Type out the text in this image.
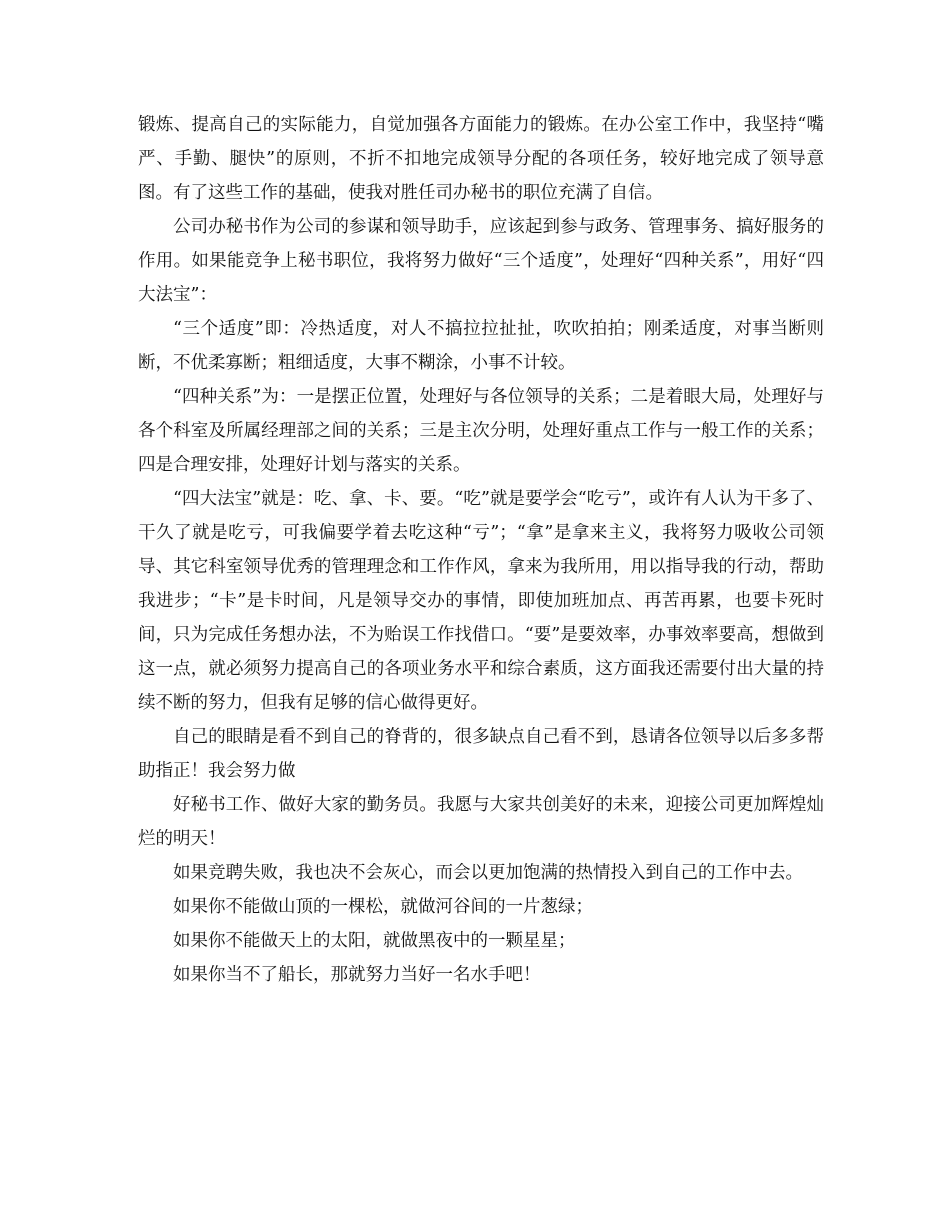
锻炼、提高自己的实际能力，自觉加强各方面能力的锻炼。在办公室工作中，我坚持“嘴严、手勤、腿快”的原则，不折不扣地完成领导分配的各项任务，较好地完成了领导意图。有了这些工作的基础，使我对胜任司办秘书的职位充满了自信。

公司办秘书作为公司的参谋和领导助手，应该起到参与政务、管理事务、搞好服务的作用。如果能竞争上秘书职位，我将努力做好“三个适度”，处理好“四种关系”，用好“四大法宝”：

“三个适度”即：冷热适度，对人不搞拉拉扯扯，吹吹拍拍；刚柔适度，对事当断则断，不优柔寡断；粗细适度，大事不糊涂，小事不计较。

“四种关系”为：一是摆正位置，处理好与各位领导的关系；二是着眼大局，处理好与各个科室及所属经理部之间的关系；三是主次分明，处理好重点工作与一般工作的关系；四是合理安排，处理好计划与落实的关系。

“四大法宝”就是：吃、拿、卡、要。“吃”就是要学会“吃亏”，或许有人认为干多了、干久了就是吃亏，可我偏要学着去吃这种“亏”；“拿”是拿来主义，我将努力吸收公司领导、其它科室领导优秀的管理理念和工作作风，拿来为我所用，用以指导我的行动，帮助我进步；“卡”是卡时间，凡是领导交办的事情，即使加班加点、再苦再累，也要卡死时间，只为完成任务想办法，不为贻误工作找借口。“要”是要效率，办事效率要高，想做到这一点，就必须努力提高自己的各项业务水平和综合素质，这方面我还需要付出大量的持续不断的努力，但我有足够的信心做得更好。

自己的眼睛是看不到自己的脊背的，很多缺点自己看不到，恳请各位领导以后多多帮助指正！我会努力做

好秘书工作、做好大家的勤务员。我愿与大家共创美好的未来，迎接公司更加辉煌灿烂的明天！

如果竞聘失败，我也决不会灰心，而会以更加饱满的热情投入到自己的工作中去。

如果你不能做山顶的一棵松，就做河谷间的一片葱绿；

如果你不能做天上的太阳，就做黑夜中的一颗星星；

如果你当不了船长，那就努力当好一名水手吧！
